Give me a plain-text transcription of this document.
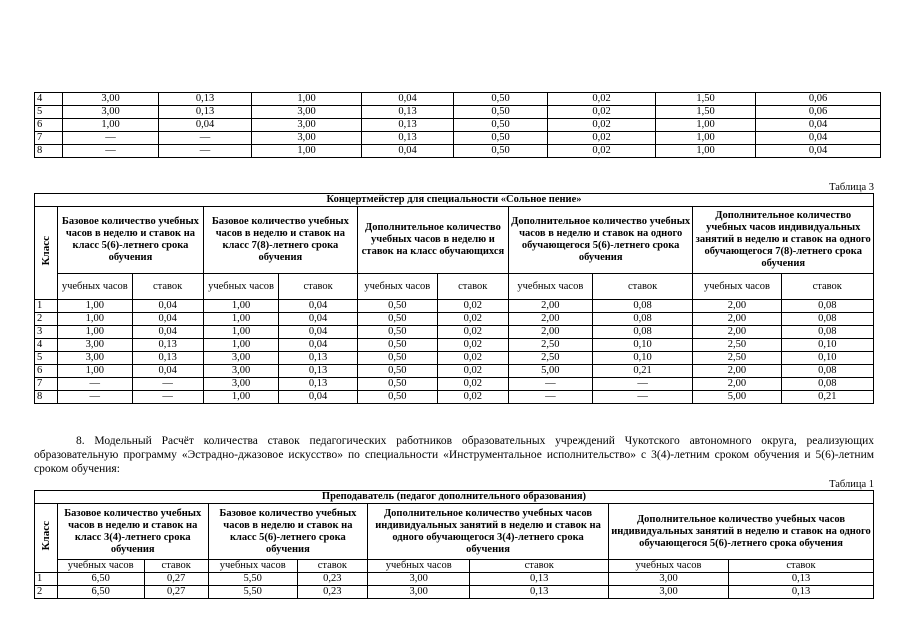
4	3,00	0,13	1,00	0,04	0,50	0,02	1,50	0,06
5	3,00	0,13	3,00	0,13	0,50	0,02	1,50	0,06
6	1,00	0,04	3,00	0,13	0,50	0,02	1,00	0,04
7	—	—	3,00	0,13	0,50	0,02	1,00	0,04
8	—	—	1,00	0,04	0,50	0,02	1,00	0,04
Таблица 3
Концертмейстер для специальности «Сольное пение»										
Класс	Базовое количество учебных часов в неделю и ставок на класс 5(6)-летнего срока обучения		Базовое количество учебных часов в неделю и ставок на класс 7(8)-летнего срока обучения		Дополнительное количество учебных часов в неделю и ставок на класс обучающихся		Дополнительное количество учебных часов в неделю и ставок на одного обучающегося 5(6)-летнего срока обучения		Дополнительное количество учебных часов индивидуальных занятий в неделю и ставок на одного обучающегося 7(8)-летнего срока обучения	
	учебных часов	ставок	учебных часов	ставок	учебных часов	ставок	учебных часов	ставок	учебных часов	ставок
1	1,00	0,04	1,00	0,04	0,50	0,02	2,00	0,08	2,00	0,08
2	1,00	0,04	1,00	0,04	0,50	0,02	2,00	0,08	2,00	0,08
3	1,00	0,04	1,00	0,04	0,50	0,02	2,00	0,08	2,00	0,08
4	3,00	0,13	1,00	0,04	0,50	0,02	2,50	0,10	2,50	0,10
5	3,00	0,13	3,00	0,13	0,50	0,02	2,50	0,10	2,50	0,10
6	1,00	0,04	3,00	0,13	0,50	0,02	5,00	0,21	2,00	0,08
7	—	—	3,00	0,13	0,50	0,02	—	—	2,00	0,08
8	—	—	1,00	0,04	0,50	0,02	—	—	5,00	0,21
8. Модельный Расчёт количества ставок педагогических работников образовательных учреждений Чукотского автономного округа, реализующих образовательную программу «Эстрадно-джазовое искусство» по специальности «Инструментальное исполнительство» с 3(4)-летним сроком обучения и 5(6)-летним сроком обучения:
Таблица 1
Преподаватель (педагог дополнительного образования)								
Класс	Базовое количество учебных часов в неделю и ставок на класс 3(4)-летнего срока обучения		Базовое количество учебных часов в неделю и ставок на класс 5(6)-летнего срока обучения		Дополнительное количество учебных часов индивидуальных занятий в неделю и ставок на одного обучающегося 3(4)-летнего срока обучения		Дополнительное количество учебных часов индивидуальных занятий в неделю и ставок на одного обучающегося 5(6)-летнего срока обучения	
	учебных часов	ставок	учебных часов	ставок	учебных часов	ставок	учебных часов	ставок
1	6,50	0,27	5,50	0,23	3,00	0,13	3,00	0,13
2	6,50	0,27	5,50	0,23	3,00	0,13	3,00	0,13
